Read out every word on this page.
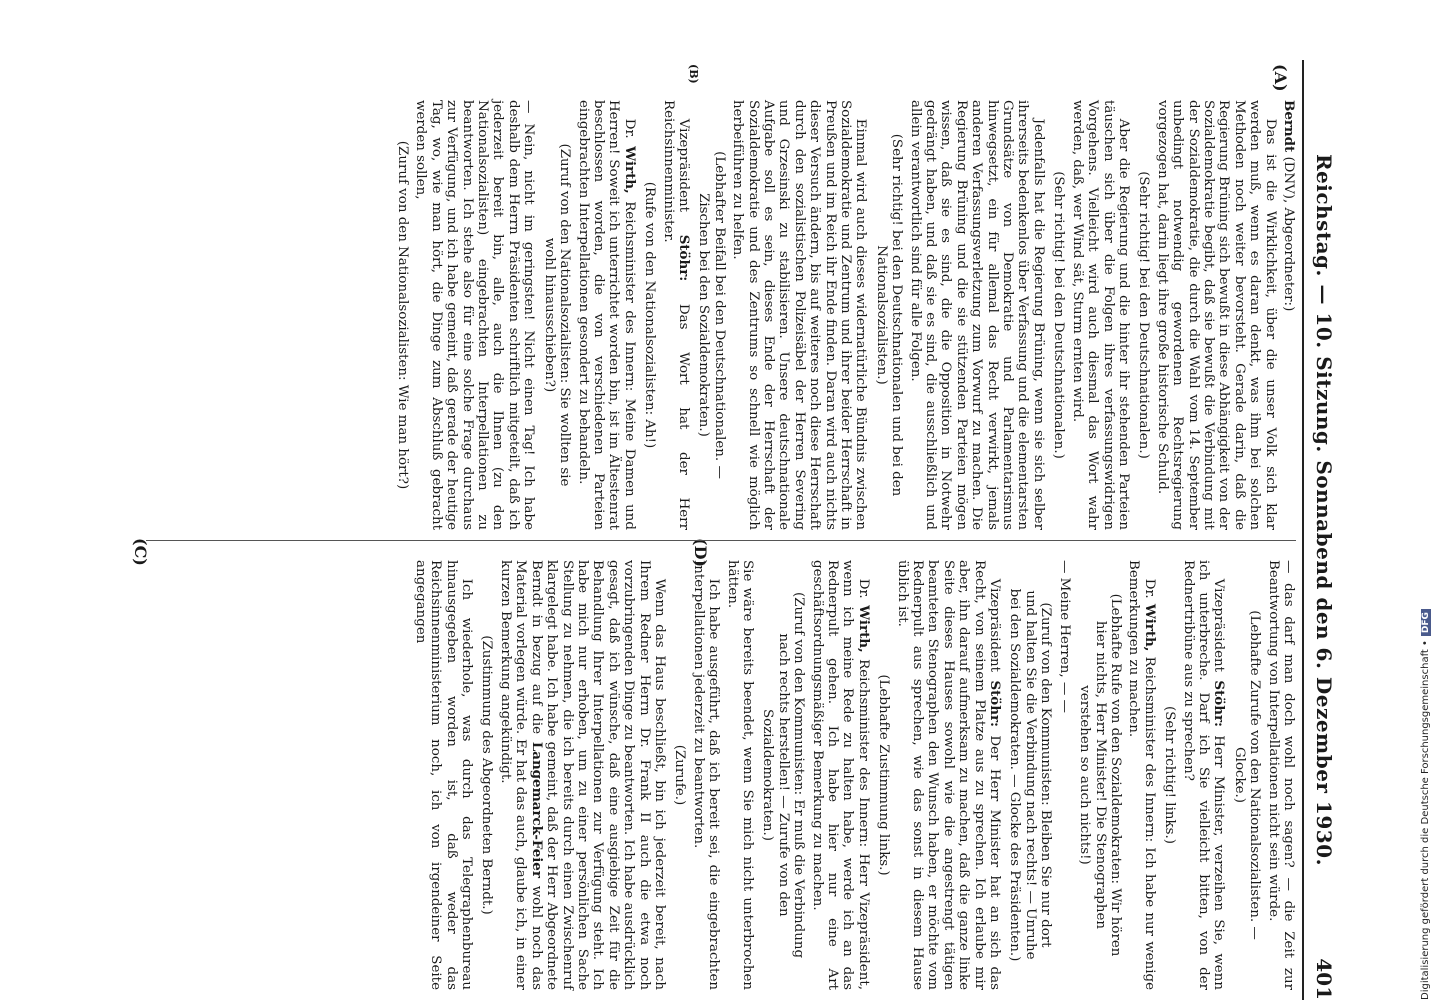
Reichstag. — 10. Sitzung. Sonnabend den 6. Dezember 1930.
401
(A)
(B)
(C)	(D)

Berndt (DNV), Abgeordneter:)

Das ist die Wirklichkeit, über die unser Volk sich klar werden muß, wenn es daran denkt, was ihm bei solchen Methoden noch weiter bevorsteht. Gerade darin, daß die Regierung Brüning sich bewußt in diese Abhängigkeit von der Sozialdemokratie begibt, daß sie bewußt die Verbindung mit der Sozialdemokratie, die durch die Wahl vom 14. September unbedingt notwendig gewordenen Rechtsregierung vorgezogen hat, darin liegt ihre große historische Schuld.

(Sehr richtig! bei den Deutschnationalen.)

Aber die Regierung und die hinter ihr stehenden Parteien täuschen sich über die Folgen ihres verfassungswidrigen Vorgehens. Vielleicht wird auch diesmal das Wort wahr werden, daß, wer Wind sät, Sturm ernten wird.

(Sehr richtig! bei den Deutschnationalen.)

Jedenfalls hat die Regierung Brüning, wenn sie sich selber ihrerseits bedenkenlos über Verfassung und die elementarsten Grundsätze von Demokratie und Parlamentarismus hinwegsetzt, ein für allemal das Recht verwirkt, jemals anderen Verfassungsverletzung zum Vorwurf zu machen. Die Regierung Brüning und die sie stützenden Parteien mögen wissen, daß sie es sind, die die Opposition in Notwehr gedrängt haben, und daß sie es sind, die ausschließlich und allein verantwortlich sind für alle Folgen.

(Sehr richtig! bei den Deutschnationalen und bei den Nationalsozialisten.)

Einmal wird auch dieses widernatürliche Bündnis zwischen Sozialdemokratie und Zentrum und ihrer beider Herrschaft in Preußen und im Reich ihr Ende finden. Daran wird auch nichts dieser Versuch ändern, bis auf weiteres noch diese Herrschaft durch den sozialistischen Polizeisäbel der Herren Severing und Grzesinski zu stabilisieren. Unsere deutschnationale Aufgabe soll es sein, dieses Ende der Herrschaft der Sozialdemokratie und des Zentrums so schnell wie möglich herbeiführen zu helfen.

(Lebhafter Beifall bei den Deutschnationalen. — Zischen bei den Sozialdemokraten.)

Vizepräsident Stöhr: Das Wort hat der Herr Reichsinnenminister.

(Rufe von den Nationalsozialisten: Ah!)

Dr. Wirth, Reichsminister des Innern: Meine Damen und Herren! Soweit ich unterrichtet worden bin, ist im Ältestenrat beschlossen worden, die von verschiedenen Parteien eingebrachten Interpellationen gesondert zu behandeln.

(Zuruf von den Nationalsozialisten: Sie wollten sie wohl hinausschieben?)

— Nein, nicht im geringsten! Nicht einen Tag! Ich habe deshalb dem Herrn Präsidenten schriftlich mitgeteilt, daß ich jederzeit bereit bin, alle, auch die Ihnen (zu den Nationalsozialisten) eingebrachten Interpellationen zu beantworten. Ich stehe also für eine solche Frage durchaus zur Verfügung, und ich habe gemeint, daß gerade der heutige Tag, wo, wie man hört, die Dinge zum Abschluß gebracht werden sollen,

(Zuruf von den Nationalsozialisten: Wie man hört?)

— das darf man doch wohl noch sagen? — die Zeit zur Beantwortung von Interpellationen nicht sein würde.

(Lebhafte Zurufe von den Nationalsozialisten. — Glocke.)

Vizepräsident Stöhr: Herr Minister, verzeihen Sie, wenn ich unterbreche. Darf ich Sie vielleicht bitten, von der Rednertribüne aus zu sprechen?

(Sehr richtig! links.)

Dr. Wirth, Reichsminister des Innern: Ich habe nur wenige Bemerkungen zu machen.

(Lebhafte Rufe von den Sozialdemokraten: Wir hören hier nichts, Herr Minister! Die Stenographen verstehen so auch nichts!)

— Meine Herren, — —

(Zuruf von den Kommunisten: Bleiben Sie nur dort und halten Sie die Verbindung nach rechts! — Unruhe bei den Sozialdemokraten. — Glocke des Präsidenten.)

Vizepräsident Stöhr: Der Herr Minister hat an sich das Recht, von seinem Platze aus zu sprechen. Ich erlaube mir aber, ihn darauf aufmerksam zu machen, daß die ganze linke Seite dieses Hauses sowohl wie die angestrengt tätigen beamteten Stenographen den Wunsch haben, er möchte vom Rednerpult aus sprechen, wie das sonst in diesem Hause üblich ist.

(Lebhafte Zustimmung links.)

Dr. Wirth, Reichsminister des Innern: Herr Vizepräsident, wenn ich meine Rede zu halten habe, werde ich an das Rednerpult gehen. Ich habe hier nur eine Art geschäftsordnungsmäßiger Bemerkung zu machen.

(Zuruf von den Kommunisten: Er muß die Verbindung nach rechts herstellen! — Zurufe von den Sozialdemokraten.)

Sie wäre bereits beendet, wenn Sie mich nicht unterbrochen hätten.

Ich habe ausgeführt, daß ich bereit sei, die eingebrachten Interpellationen jederzeit zu beantworten.

(Zurufe.)

Wenn das Haus beschließt, bin ich jederzeit bereit, nach Ihrem Redner Herrn Dr. Frank II auch die etwa noch vorzubringenden Dinge zu beantworten. Ich habe ausdrücklich gesagt, daß ich wünsche, daß eine ausgiebige Zeit für die Behandlung Ihrer Interpellationen zur Verfügung steht. Ich habe mich nur erhoben, um zu einer persönlichen Sache Stellung zu nehmen, die ich bereits durch einen Zwischenruf klargelegt habe. Ich habe gemeint, daß der Herr Abgeordnete Berndt in bezug auf die Langemarck-Feier wohl noch das Material vorlegen würde. Er hat das auch, glaube ich, in einer kurzen Bemerkung angekündigt.

(Zustimmung des Abgeordneten Berndt.)

Ich wiederhole, was durch das Telegraphenbureau hinausgegeben worden ist, daß weder das Reichsinnenministerium noch, ich von irgendeiner Seite angegangen

Digitalisierung gefördert durch die Deutsche Forschungsgemeinschaft •DFG
